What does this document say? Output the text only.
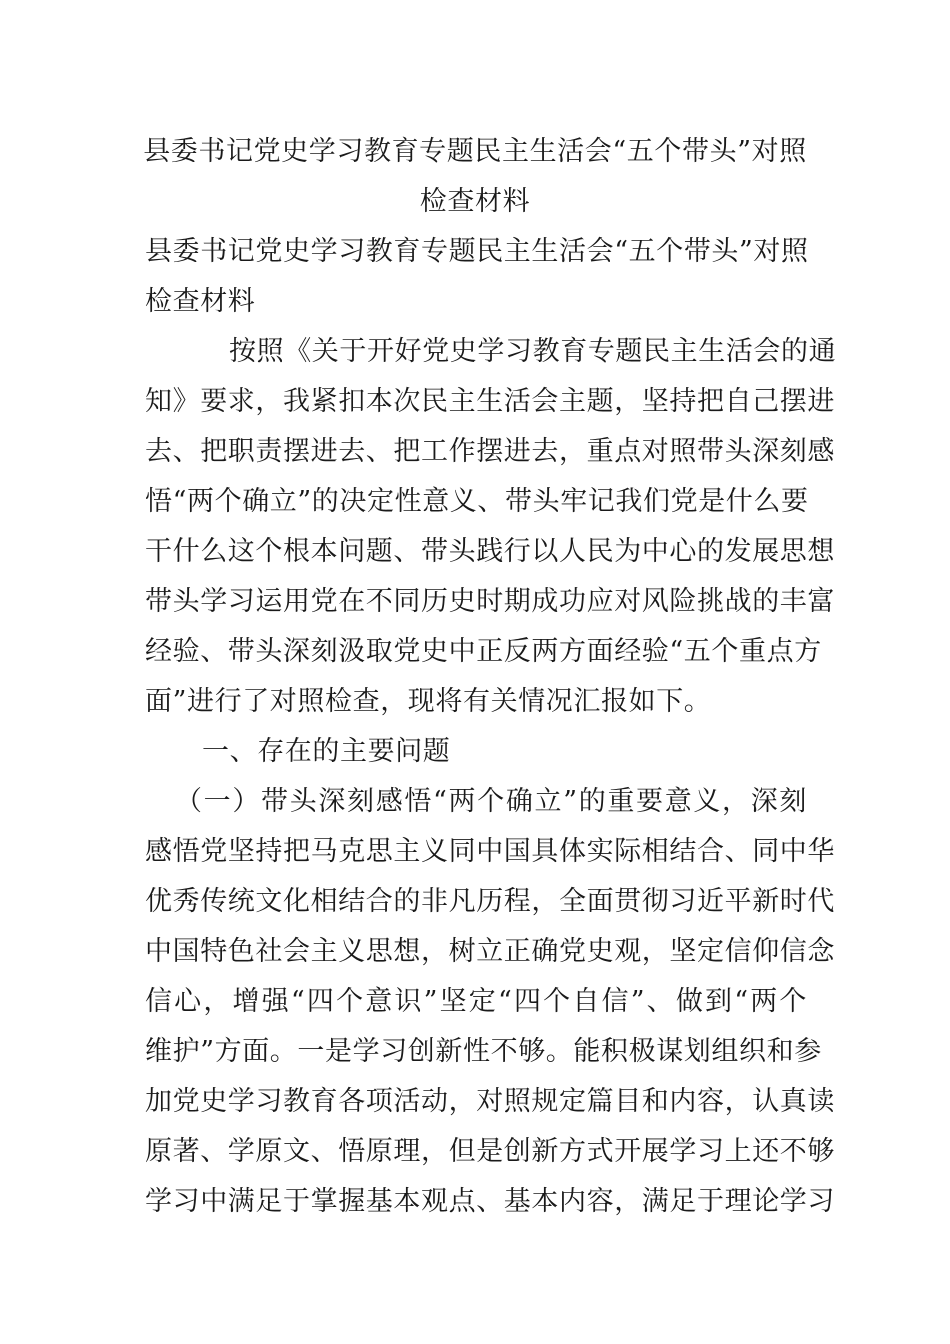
县委书记党史学习教育专题民主生活会“五个带头”对照
检查材料
县委书记党史学习教育专题民主生活会“五个带头”对照
检查材料
按照《关于开好党史学习教育专题民主生活会的通
知》要求，我紧扣本次民主生活会主题，坚持把自己摆进
去、把职责摆进去、把工作摆进去，重点对照带头深刻感
悟“两个确立”的决定性意义、带头牢记我们党是什么要
干什么这个根本问题、带头践行以人民为中心的发展思想
带头学习运用党在不同历史时期成功应对风险挑战的丰富
经验、带头深刻汲取党史中正反两方面经验“五个重点方
面”进行了对照检查，现将有关情况汇报如下。
一、存在的主要问题
（一）带头深刻感悟“两个确立”的重要意义，深刻
感悟党坚持把马克思主义同中国具体实际相结合、同中华
优秀传统文化相结合的非凡历程，全面贯彻习近平新时代
中国特色社会主义思想，树立正确党史观，坚定信仰信念
信心，增强“四个意识”坚定“四个自信”、做到“两个
维护”方面。一是学习创新性不够。能积极谋划组织和参
加党史学习教育各项活动，对照规定篇目和内容，认真读
原著、学原文、悟原理，但是创新方式开展学习上还不够
学习中满足于掌握基本观点、基本内容，满足于理论学习
